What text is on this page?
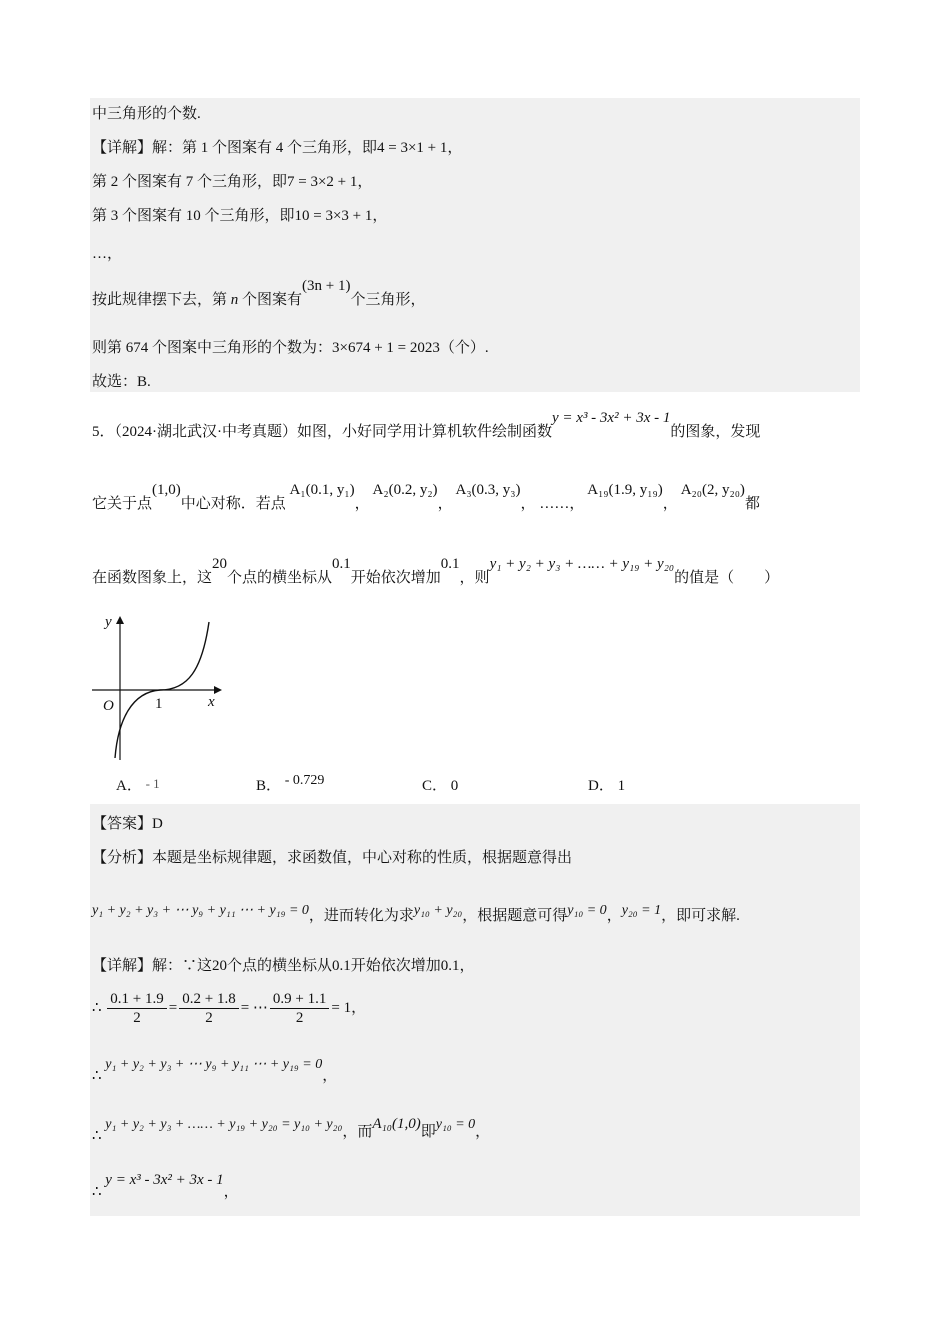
中三角形的个数.
【详解】解：第 1 个图案有 4 个三角形，即4 = 3×1 + 1，
第 2 个图案有 7 个三角形，即7 = 3×2 + 1，
第 3 个图案有 10 个三角形，即10 = 3×3 + 1，
…，
按此规律摆下去，第 n 个图案有(3n + 1)个三角形，
则第 674 个图案中三角形的个数为：3×674 + 1 = 2023（个）.
故选：B.
5．（2024·湖北武汉·中考真题）如图，小好同学用计算机软件绘制函数y = x³ - 3x² + 3x - 1的图象，发现
它关于点(1,0)中心对称．若点 A₁(0.1, y₁)， A₂(0.2, y₂)， A₃(0.3, y₃)， ……， A₁₉(1.9, y₁₉)， A₂₀(2, y₂₀)都
在函数图象上，这20个点的横坐标从0.1开始依次增加0.1，则y₁ + y₂ + y₃ + …… + y₁₉ + y₂₀的值是（　　）
y
x
O	1
A． - 1	B． - 0.729	C． 0	D． 1
【答案】D
【分析】本题是坐标规律题，求函数值，中心对称的性质，根据题意得出
y₁ + y₂ + y₃ + ⋯ y₉ + y₁₁ ⋯ + y₁₉ = 0，进而转化为求y₁₀ + y₂₀，根据题意可得y₁₀ = 0，y₂₀ = 1，即可求解.
【详解】解：∵这20个点的横坐标从0.1开始依次增加0.1，
∴ $\frac{0.1 + 1.9}{2} = \frac{0.2 + 1.8}{2}$ = ⋯ $\frac{0.9 + 1.1}{2} = 1$，
∴ y₁ + y₂ + y₃ + ⋯ y₉ + y₁₁ ⋯ + y₁₉ = 0，
∴ y₁ + y₂ + y₃ + …… + y₁₉ + y₂₀ = y₁₀ + y₂₀，而A₁₀(1,0)即y₁₀ = 0，
∴ y = x³ - 3x² + 3x - 1，
